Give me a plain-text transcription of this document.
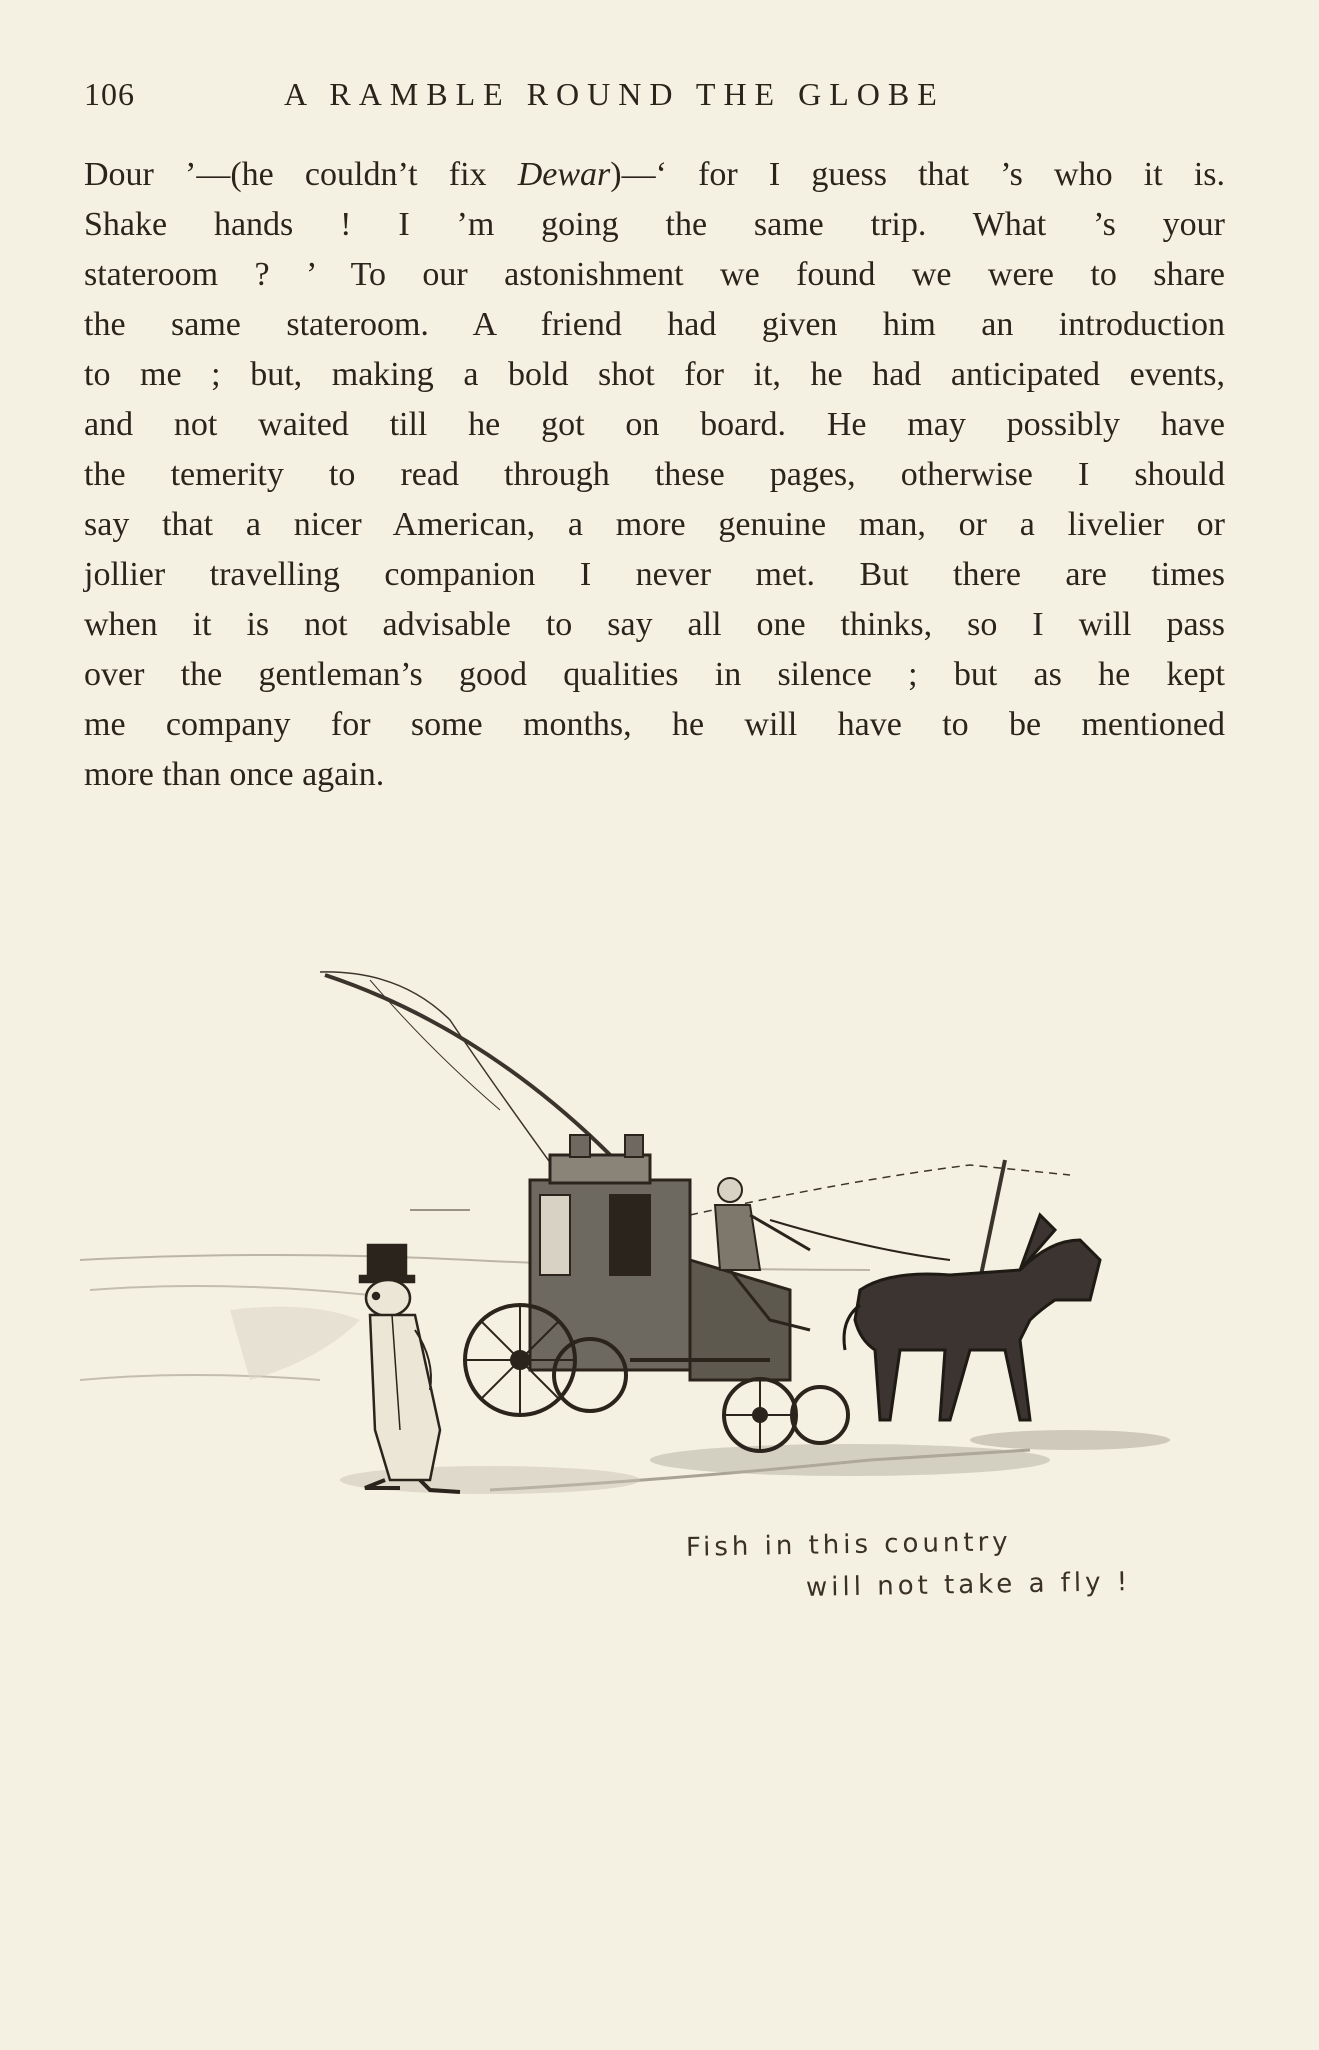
106	A RAMBLE ROUND THE GLOBE

Dour ’—(he couldn’t fix Dewar)—‘ for I guess that ’s who it is.
Shake hands ! I ’m going the same trip. What ’s your
stateroom ? ’ To our astonishment we found we were to share
the same stateroom. A friend had given him an introduction
to me ; but, making a bold shot for it, he had anticipated events,
and not waited till he got on board. He may possibly have
the temerity to read through these pages, otherwise I should
say that a nicer American, a more genuine man, or a livelier or
jollier travelling companion I never met. But there are times
when it is not advisable to say all one thinks, so I will pass
over the gentleman’s good qualities in silence ; but as he kept
me company for some months, he will have to be mentioned
more than once again.

Fish in this country
will not take a fly !
